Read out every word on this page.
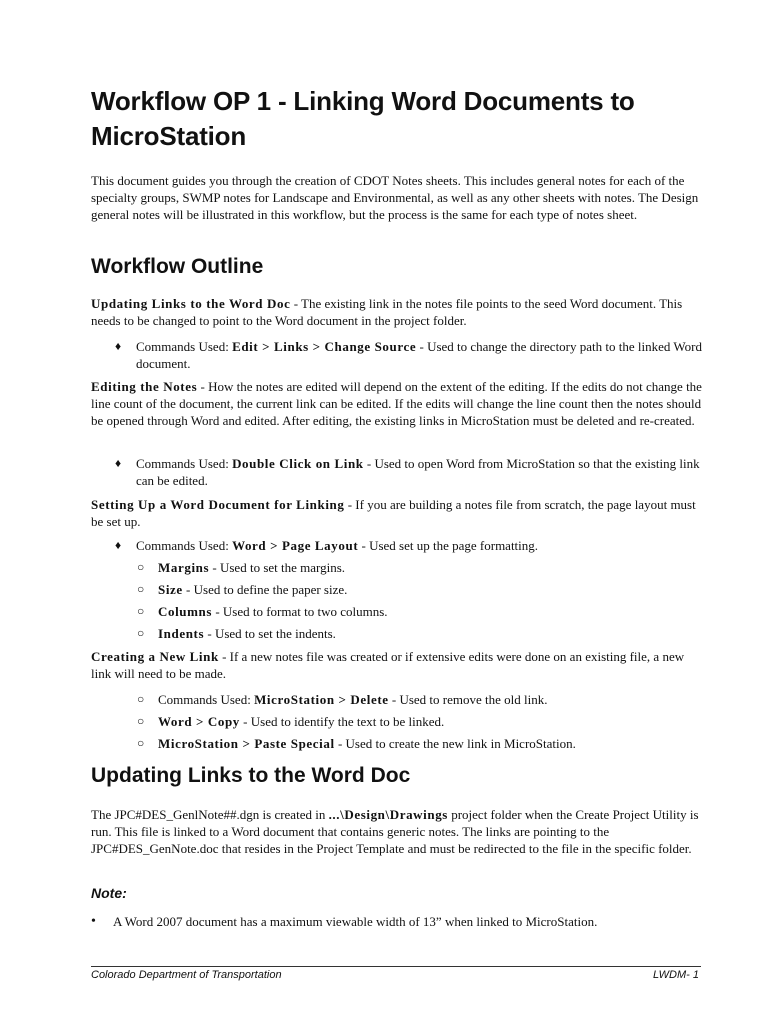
Workflow OP 1 - Linking Word Documents to MicroStation

This document guides you through the creation of CDOT Notes sheets. This includes general notes for each of the specialty groups, SWMP notes for Landscape and Environmental, as well as any other sheets with notes. The Design general notes will be illustrated in this workflow, but the process is the same for each type of notes sheet.

Workflow Outline

Updating Links to the Word Doc - The existing link in the notes file points to the seed Word document. This needs to be changed to point to the Word document in the project folder.

♦ Commands Used: Edit > Links > Change Source - Used to change the directory path to the linked Word document.

Editing the Notes - How the notes are edited will depend on the extent of the editing. If the edits do not change the line count of the document, the current link can be edited. If the edits will change the line count then the notes should be opened through Word and edited. After editing, the existing links in MicroStation must be deleted and re-created.

♦ Commands Used: Double Click on Link - Used to open Word from MicroStation so that the existing link can be edited.

Setting Up a Word Document for Linking - If you are building a notes file from scratch, the page layout must be set up.

♦ Commands Used: Word > Page Layout - Used set up the page formatting.
○ Margins - Used to set the margins.
○ Size - Used to define the paper size.
○ Columns - Used to format to two columns.
○ Indents - Used to set the indents.

Creating a New Link - If a new notes file was created or if extensive edits were done on an existing file, a new link will need to be made.

○ Commands Used: MicroStation > Delete - Used to remove the old link.
○ Word > Copy - Used to identify the text to be linked.
○ MicroStation > Paste Special - Used to create the new link in MicroStation.
Updating Links to the Word Doc

The JPC#DES_GenlNote##.dgn is created in ...\Design\Drawings project folder when the Create Project Utility is run. This file is linked to a Word document that contains generic notes. The links are pointing to the JPC#DES_GenNote.doc that resides in the Project Template and must be redirected to the file in the specific folder.

Note:
• A Word 2007 document has a maximum viewable width of 13” when linked to MicroStation.
Colorado Department of Transportation	LWDM- 1
